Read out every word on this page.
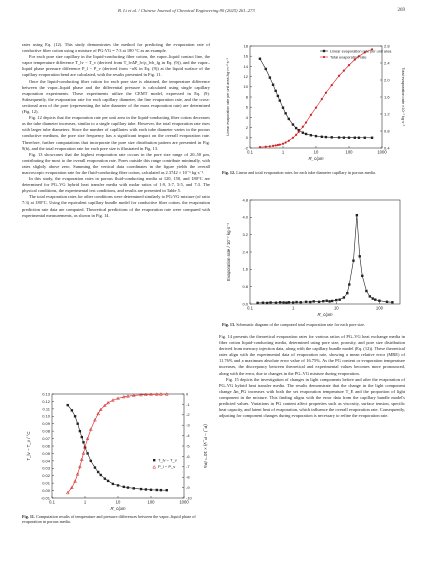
B. Li et al. / Chinese Journal of Chemical Engineering 80 (2025) 261–273	269

rates using Eq. (12). This study demonstrates the method for predicting the evaporation rate of conductive fiber cotton using a mixture of PG:VG = 7:3 at 180 °C as an example.

For each pore size capillary in the liquid-conducting fiber cotton, the vapor–liquid contact line, the vapor temperature difference T_lv − T_v (derived from T_lvΔP_lv/ρ_lvh_fg in Eq. (9)), and the vapor–liquid phase pressure difference P_l − P_v (derived from −σK in Eq. (9)) at the liquid surface of the capillary evaporation bend are calculated, with the results presented in Fig. 11.

Once the liquid-conducting fiber cotton for each pore size is obtained, the temperature difference between the vapor–liquid phase and the differential pressure is calculated using single capillary evaporation experiments. These experiments utilize the CEMT model, expressed in Eq. (9). Subsequently, the evaporation rate for each capillary diameter, the line evaporation rate, and the cross-sectional area of the pore (representing the tube diameter of the mass evaporation rate) are determined (Fig. 12).

Fig. 12 depicts that the evaporation rate per unit area in the liquid-conducting fiber cotton decreases as the tube diameter increases, similar to a single capillary tube. However, the total evaporation rate rises with larger tube diameters. Since the number of capillaries with each tube diameter varies in the porous conductive medium, the pore size frequency has a significant impact on the overall evaporation rate. Therefore, further computations that incorporate the pore size distribution pattern are presented in Fig. 9(b), and the total evaporation rate for each pore size is illustrated in Fig. 13.

Fig. 13 showcases that the highest evaporation rate occurs in the pore size range of 20–50 μm, contributing the most to the overall evaporation rate. Pores outside this range contribute minimally, with rates slightly above zero. Summing the vertical data coordinates in the figure yields the overall macroscopic evaporation rate for the fluid-conducting fiber cotton, calculated as 2.3742 × 10⁻⁶ kg·s⁻¹.

In this study, the evaporation rates in porous fluid-conducting media at 120, 150, and 180°C are determined for PG–VG hybrid heat transfer media with molar ratios of 1:9, 3:7, 5:5, and 7:3. The physical conditions, the experimental test conditions, and results are presented in Table 5.

The total evaporation rates for other conditions were determined similarly to PG:VG mixture (of ratio 7:3) at 180°C. Using the equivalent capillary bundle model for conductive fiber cotton, the evaporation prediction rate data are computed. Theoretical predictions of the evaporation rate were compared with experimental measurements, as shown in Fig. 14.

0.1	1	10	100	1000
0.13
0.12
0.11
0.10
0.09
0.08
0.07
0.06
0.05
0.04
0.03
0.02
0.01
0.00
-0.01
0
-1
-2
-3
-4
-5
-6
-7
-8
-9
-10
R_c/μm
T_lv − T_v / °C	(P_l − P_v) × 10⁻⁵ /Pa
T_lv − T_v
P_l − P_v
Fig. 11. Computation results of temperature and pressure differences between the vapor–liquid phase of evaporation in porous media.
0.1	1	10	100	1000
18
16
14
12
10
8
6
4
2
0
-2
2.8
2.4
2.0
1.6
1.2
0.8
0.4
R_c/μm
Linear evaporation rate per unit area /kg·m⁻²·s⁻¹	Total evaporation rate ×10⁻⁷ kg·s⁻¹
Linear evaporation rate per unit area
Total evaporation rate
Fig. 12. Linear and total evaporation rates for each tube diameter capillary in porous media.
0.1	1	10	100
4.8
4.0
3.2
2.4
1.6
0.8
0.0
R_c/μm
Evaporation rate / 10⁻⁷ kg·s⁻¹
Fig. 13. Schematic diagram of the computed total evaporation rate for each pore size.

Fig. 14 presents the theoretical evaporation rates for various ratios of PG–VG heat exchange media in fiber cotton liquid-conducting media, determined using pore size, porosity, and pore size distribution derived from mercury injection data, along with the capillary bundle model (Eq. (12)). These theoretical rates align with the experimental data of evaporation rate, showing a mean relative error (MRE) of 11.76% and a maximum absolute error value of 16.75%. As the PG content or evaporation temperature increases, the discrepancy between theoretical and experimental values becomes more pronounced, along with the error, due to changes in the PG–VG mixture during evaporation.

Fig. 15 depicts the investigation of changes in light components before and after the evaporation of PG–VG hybrid heat transfer media. The results demonstrate that the change in the light component change Δn_PG increases with both the set evaporation temperature T_E and the proportion of light component in the mixture. This finding aligns with the error data from the capillary bundle model's predicted values. Variations in PG content affect properties such as viscosity, surface tension, specific heat capacity, and latent heat of evaporation, which influence the overall evaporation rate. Consequently, adjusting for component changes during evaporation is necessary to refine the evaporation rate.
